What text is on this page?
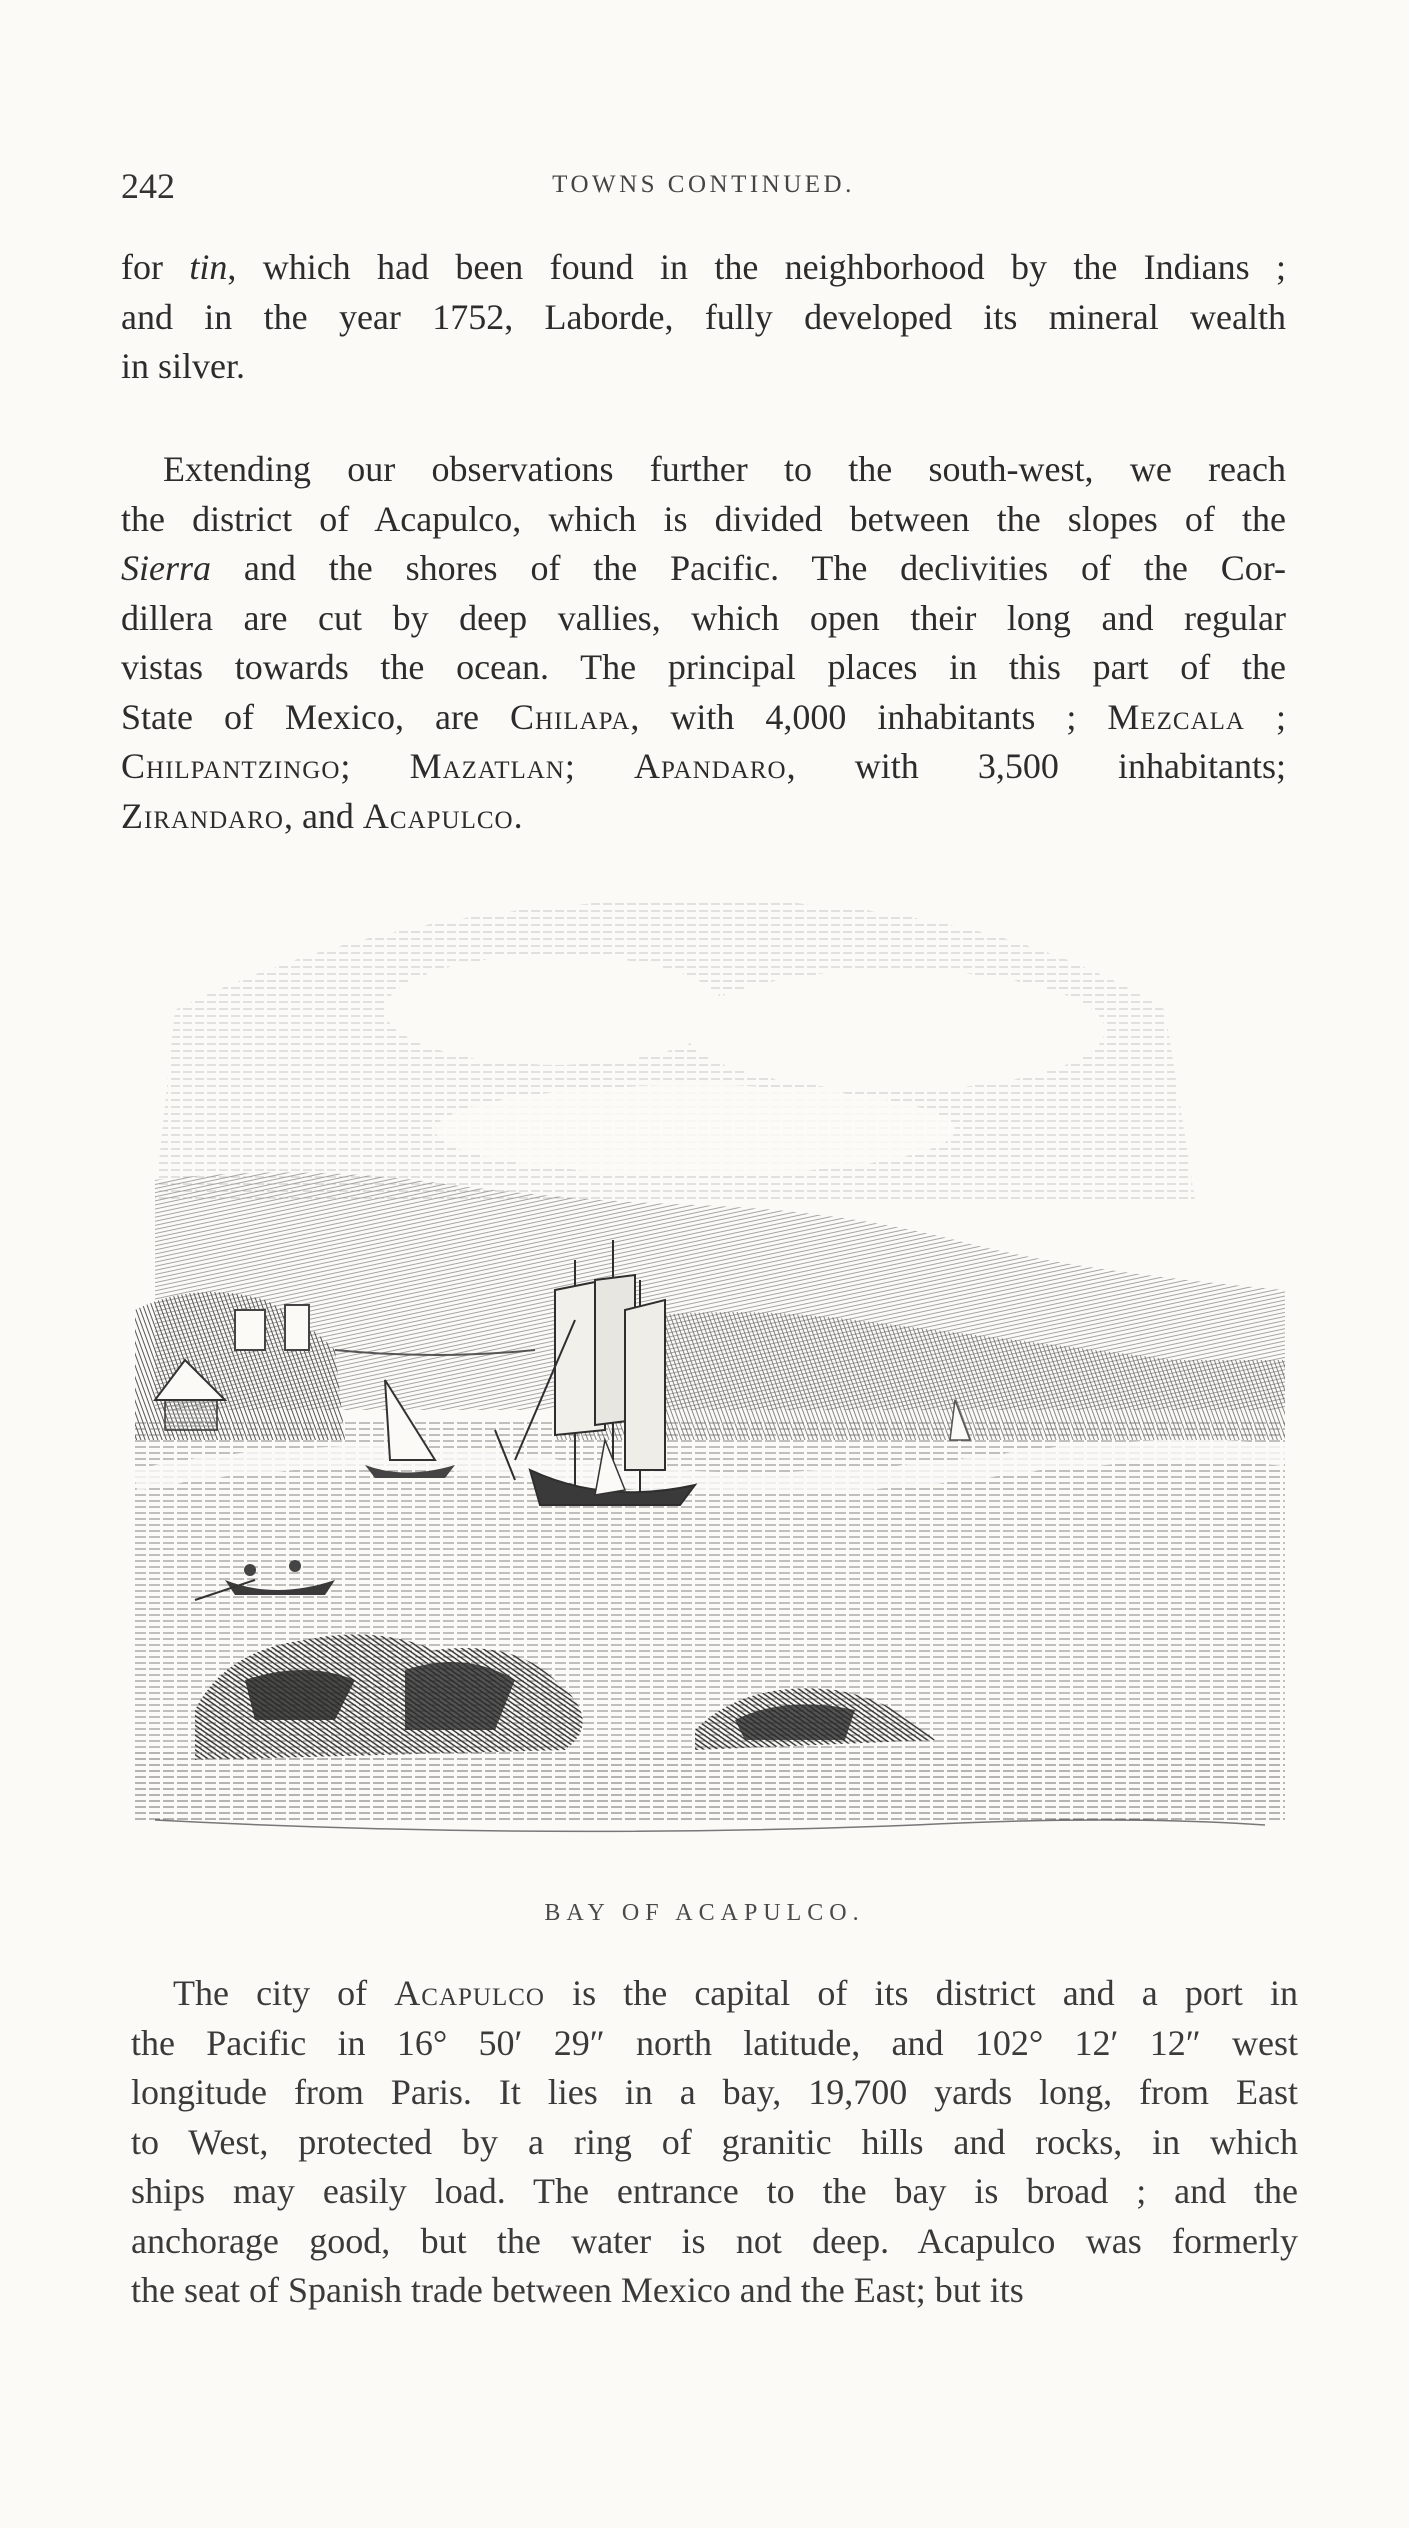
242	TOWNS CONTINUED.

for tin, which had been found in the neighborhood by the Indians ;
and in the year 1752, Laborde, fully developed its mineral wealth
in silver.

Extending our observations further to the south-west, we reach
the district of Acapulco, which is divided between the slopes of the
Sierra and the shores of the Pacific. The declivities of the Cor-
dillera are cut by deep vallies, which open their long and regular
vistas towards the ocean. The principal places in this part of the
State of Mexico, are Chilapa, with 4,000 inhabitants ; Mezcala ;
Chilpantzingo; Mazatlan; Apandaro, with 3,500 inhabitants;
Zirandaro, and Acapulco.

BAY OF ACAPULCO.

The city of Acapulco is the capital of its district and a port in
the Pacific in 16° 50′ 29″ north latitude, and 102° 12′ 12″ west
longitude from Paris. It lies in a bay, 19,700 yards long, from East
to West, protected by a ring of granitic hills and rocks, in which
ships may easily load. The entrance to the bay is broad ; and the
anchorage good, but the water is not deep. Acapulco was formerly
the seat of Spanish trade between Mexico and the East; but its
